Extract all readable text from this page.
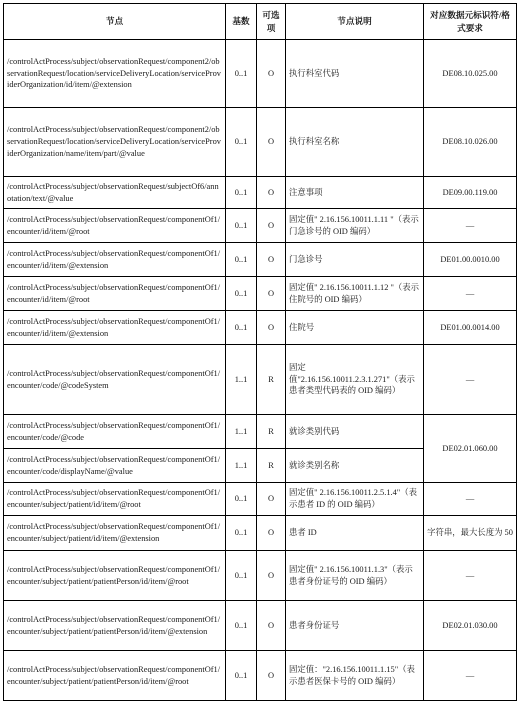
节点	基数	可选项	节点说明	对应数据元标识符/格式要求
/controlActProcess/subject/observationRequest/component2/observationRequest/location/serviceDeliveryLocation/serviceProviderOrganization/id/item/@extension	0..1	O	执行科室代码	DE08.10.025.00
/controlActProcess/subject/observationRequest/component2/observationRequest/location/serviceDeliveryLocation/serviceProviderOrganization/name/item/part/@value	0..1	O	执行科室名称	DE08.10.026.00
/controlActProcess/subject/observationRequest/subjectOf6/annotation/text/@value	0..1	O	注意事项	DE09.00.119.00
/controlActProcess/subject/observationRequest/componentOf1/encounter/id/item/@root	0..1	O	固定值" 2.16.156.10011.1.11 "（表示门急诊号的 OID 编码）	—
/controlActProcess/subject/observationRequest/componentOf1/encounter/id/item/@extension	0..1	O	门急诊号	DE01.00.0010.00
/controlActProcess/subject/observationRequest/componentOf1/encounter/id/item/@root	0..1	O	固定值" 2.16.156.10011.1.12 "（表示住院号的 OID 编码）	—
/controlActProcess/subject/observationRequest/componentOf1/encounter/id/item/@extension	0..1	O	住院号	DE01.00.0014.00
/controlActProcess/subject/observationRequest/componentOf1/encounter/code/@codeSystem	1..1	R	固定值"2.16.156.10011.2.3.1.271"（表示患者类型代码表的 OID 编码）	—
/controlActProcess/subject/observationRequest/componentOf1/encounter/code/@code	1..1	R	就诊类别代码	DE02.01.060.00
/controlActProcess/subject/observationRequest/componentOf1/encounter/code/displayName/@value	1..1	R	就诊类别名称	
/controlActProcess/subject/observationRequest/componentOf1/encounter/subject/patient/id/item/@root	0..1	O	固定值" 2.16.156.10011.2.5.1.4"（表示患者 ID 的 OID 编码）	—
/controlActProcess/subject/observationRequest/componentOf1/encounter/subject/patient/id/item/@extension	0..1	O	患者 ID	字符串，最大长度为 50
/controlActProcess/subject/observationRequest/componentOf1/encounter/subject/patient/patientPerson/id/item/@root	0..1	O	固定值" 2.16.156.10011.1.3"（表示患者身份证号的 OID 编码）	—
/controlActProcess/subject/observationRequest/componentOf1/encounter/subject/patient/patientPerson/id/item/@extension	0..1	O	患者身份证号	DE02.01.030.00
/controlActProcess/subject/observationRequest/componentOf1/encounter/subject/patient/patientPerson/id/item/@root	0..1	O	固定值："2.16.156.10011.1.15"（表示患者医保卡号的 OID 编码）	—
